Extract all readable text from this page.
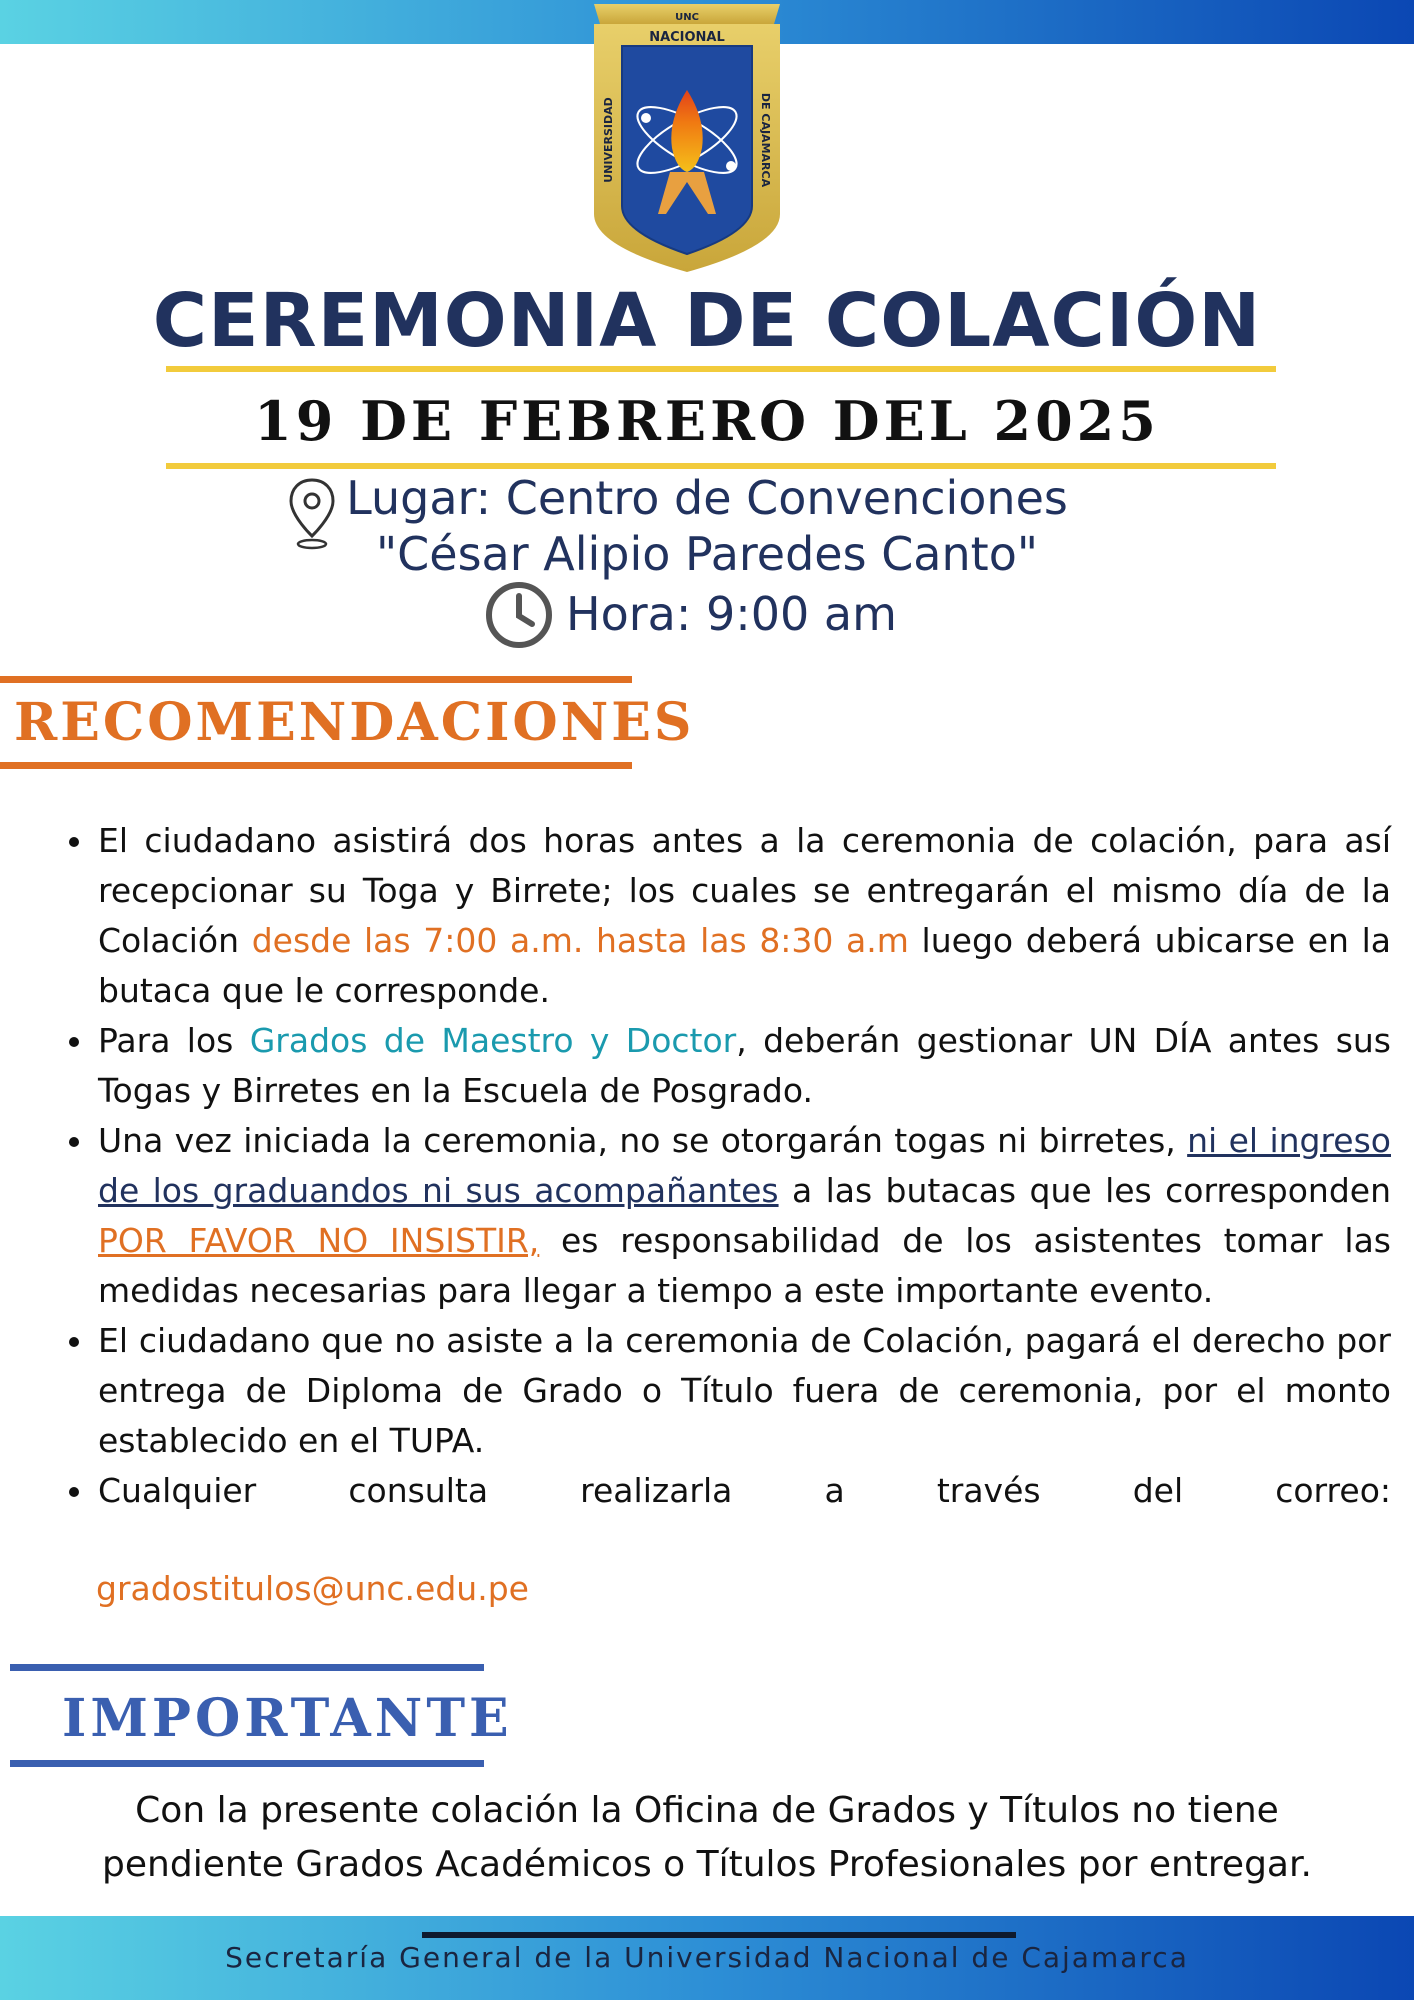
UNC
NACIONAL
UNIVERSIDAD	DE CAJAMARCA
CEREMONIA DE COLACIÓN
19 DE FEBRERO DEL 2025
Lugar: Centro de Convenciones
"César Alipio Paredes Canto"
Hora: 9:00 am
RECOMENDACIONES
• El ciudadano asistirá dos horas antes a la ceremonia de colación, para así recepcionar su Toga y Birrete; los cuales se entregarán el mismo día de la Colación desde las 7:00 a.m. hasta las 8:30 a.m luego deberá ubicarse en la butaca que le corresponde.
• Para los Grados de Maestro y Doctor, deberán gestionar UN DÍA antes sus Togas y Birretes en la Escuela de Posgrado.
• Una vez iniciada la ceremonia, no se otorgarán togas ni birretes, ni el ingreso de los graduandos ni sus acompañantes a las butacas que les corresponden POR FAVOR NO INSISTIR, es responsabilidad de los asistentes tomar las medidas necesarias para llegar a tiempo a este importante evento.
• El ciudadano que no asiste a la ceremonia de Colación, pagará el derecho por entrega de Diploma de Grado o Título fuera de ceremonia, por el monto establecido en el TUPA.
• Cualquier consulta realizarla a través del correo:
gradostitulos@unc.edu.pe
IMPORTANTE
Con la presente colación la Oficina de Grados y Títulos no tiene
pendiente Grados Académicos o Títulos Profesionales por entregar.
Secretaría General de la Universidad Nacional de Cajamarca
